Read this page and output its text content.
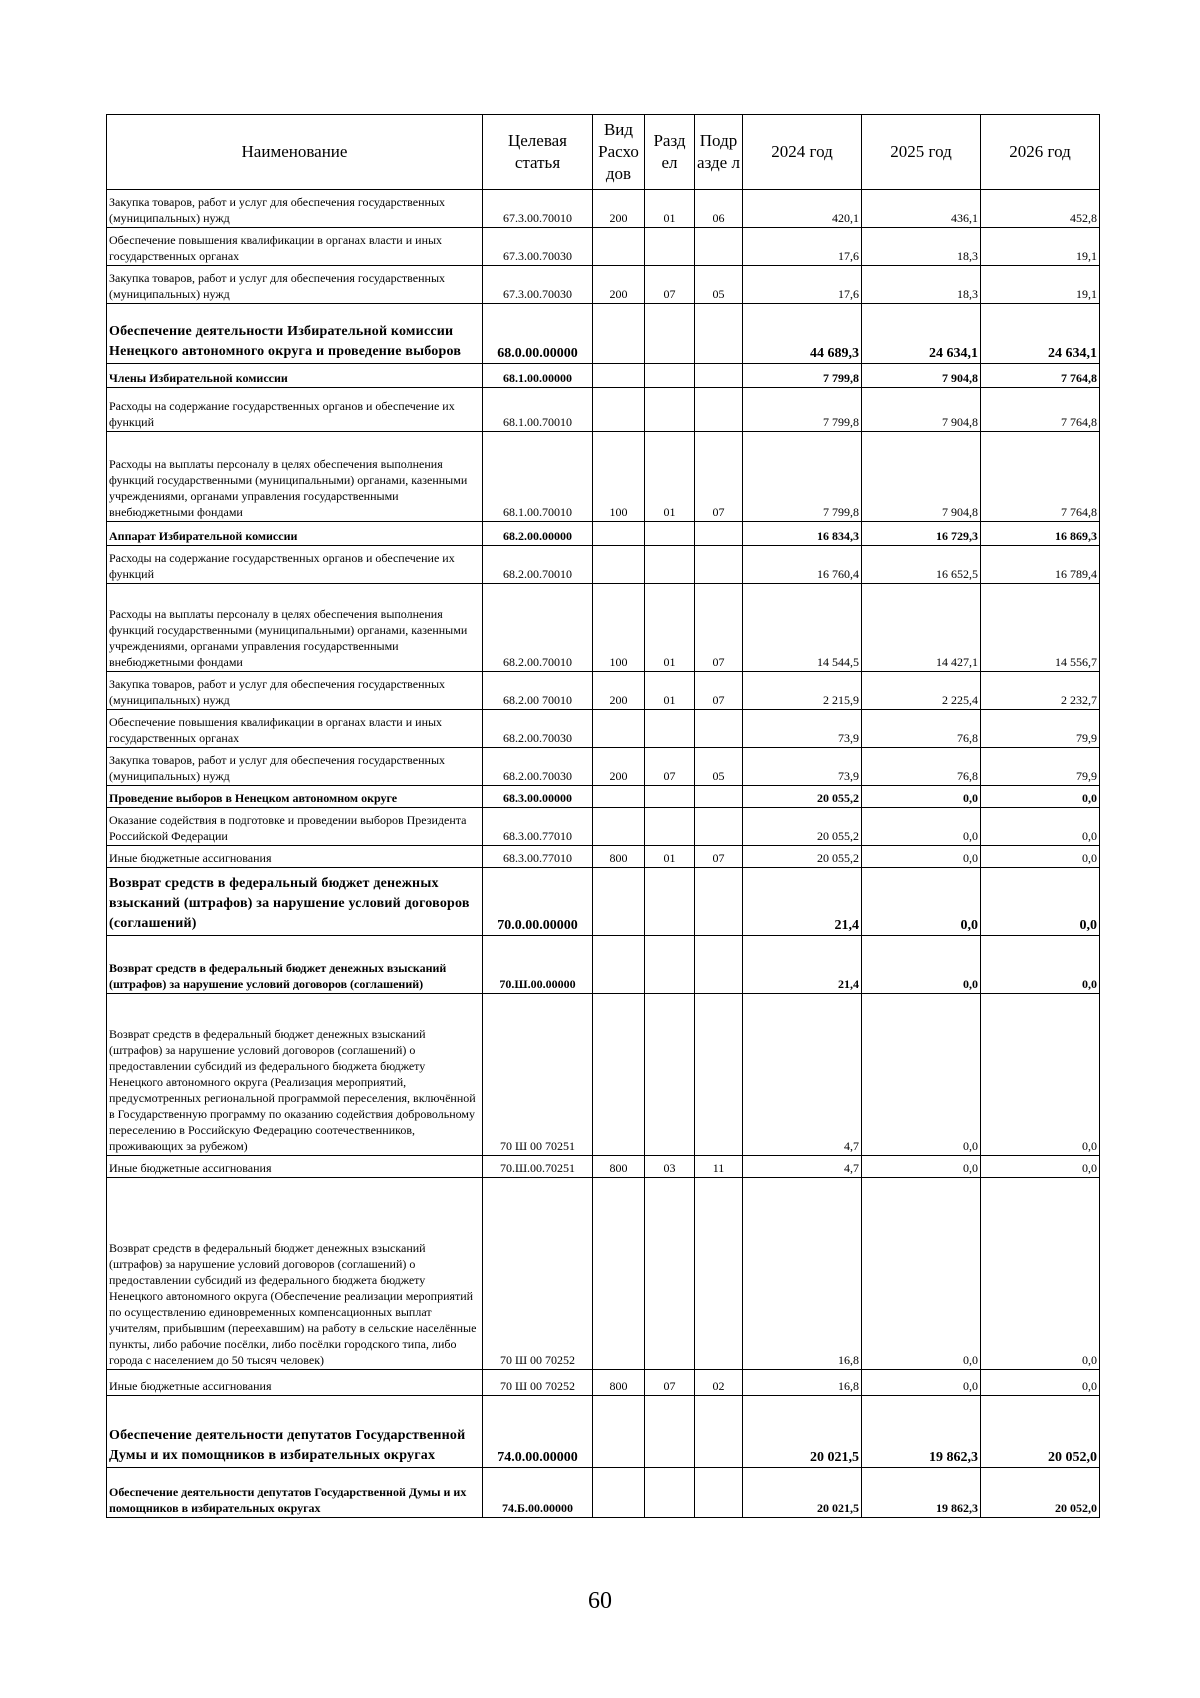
Наименование	Целевая статья	Вид Расхо дов	Разд ел	Подр азде л	2024 год	2025 год	2026 год
Закупка товаров, работ и услуг для обеспечения государственных (муниципальных) нужд	67.3.00.70010	200	01	06	420,1	436,1	452,8
Обеспечение повышения квалификации в органах власти и иных государственных органах	67.3.00.70030				17,6	18,3	19,1
Закупка товаров, работ и услуг для обеспечения государственных (муниципальных) нужд	67.3.00.70030	200	07	05	17,6	18,3	19,1
Обеспечение деятельности Избирательной комиссии Ненецкого автономного округа и проведение выборов	68.0.00.00000				44 689,3	24 634,1	24 634,1
Члены Избирательной комиссии	68.1.00.00000				7 799,8	7 904,8	7 764,8
Расходы на содержание государственных органов и обеспечение их функций	68.1.00.70010				7 799,8	7 904,8	7 764,8
Расходы на выплаты персоналу в целях обеспечения выполнения функций государственными (муниципальными) органами, казенными учреждениями, органами управления государственными внебюджетными фондами	68.1.00.70010	100	01	07	7 799,8	7 904,8	7 764,8
Аппарат Избирательной комиссии	68.2.00.00000				16 834,3	16 729,3	16 869,3
Расходы на содержание государственных органов и обеспечение их функций	68.2.00.70010				16 760,4	16 652,5	16 789,4
Расходы на выплаты персоналу в целях обеспечения выполнения функций государственными (муниципальными) органами, казенными учреждениями, органами управления государственными внебюджетными фондами	68.2.00.70010	100	01	07	14 544,5	14 427,1	14 556,7
Закупка товаров, работ и услуг для обеспечения государственных (муниципальных) нужд	68.2.00 70010	200	01	07	2 215,9	2 225,4	2 232,7
Обеспечение повышения квалификации в органах власти и иных государственных органах	68.2.00.70030				73,9	76,8	79,9
Закупка товаров, работ и услуг для обеспечения государственных (муниципальных) нужд	68.2.00.70030	200	07	05	73,9	76,8	79,9
Проведение выборов в Ненецком автономном округе	68.3.00.00000				20 055,2	0,0	0,0
Оказание содействия в подготовке и проведении выборов Президента Российской Федерации	68.3.00.77010				20 055,2	0,0	0,0
Иные бюджетные ассигнования	68.3.00.77010	800	01	07	20 055,2	0,0	0,0
Возврат средств в федеральный бюджет денежных взысканий (штрафов) за нарушение условий договоров (соглашений)	70.0.00.00000				21,4	0,0	0,0
Возврат средств в федеральный бюджет денежных взысканий (штрафов) за нарушение условий договоров (соглашений)	70.Ш.00.00000				21,4	0,0	0,0
Возврат средств в федеральный бюджет денежных взысканий (штрафов) за нарушение условий договоров (соглашений) о предоставлении субсидий из федерального бюджета бюджету Ненецкого автономного округа (Реализация мероприятий, предусмотренных региональной программой переселения, включённой в Государственную программу по оказанию содействия добровольному переселению в Российскую Федерацию соотечественников, проживающих за рубежом)	70 Ш 00 70251				4,7	0,0	0,0
Иные бюджетные ассигнования	70.Ш.00.70251	800	03	11	4,7	0,0	0,0
Возврат средств в федеральный бюджет денежных взысканий (штрафов) за нарушение условий договоров (соглашений) о предоставлении субсидий из федерального бюджета бюджету Ненецкого автономного округа (Обеспечение реализации мероприятий по осуществлению единовременных компенсационных выплат учителям, прибывшим (переехавшим) на работу в сельские населённые пункты, либо рабочие посёлки, либо посёлки городского типа, либо города с населением до 50 тысяч человек)	70 Ш 00 70252				16,8	0,0	0,0
Иные бюджетные ассигнования	70 Ш 00 70252	800	07	02	16,8	0,0	0,0
Обеспечение деятельности депутатов Государственной Думы и их помощников в избирательных округах	74.0.00.00000				20 021,5	19 862,3	20 052,0
Обеспечение деятельности депутатов Государственной Думы и их помощников в избирательных округах	74.Б.00.00000				20 021,5	19 862,3	20 052,0
60
